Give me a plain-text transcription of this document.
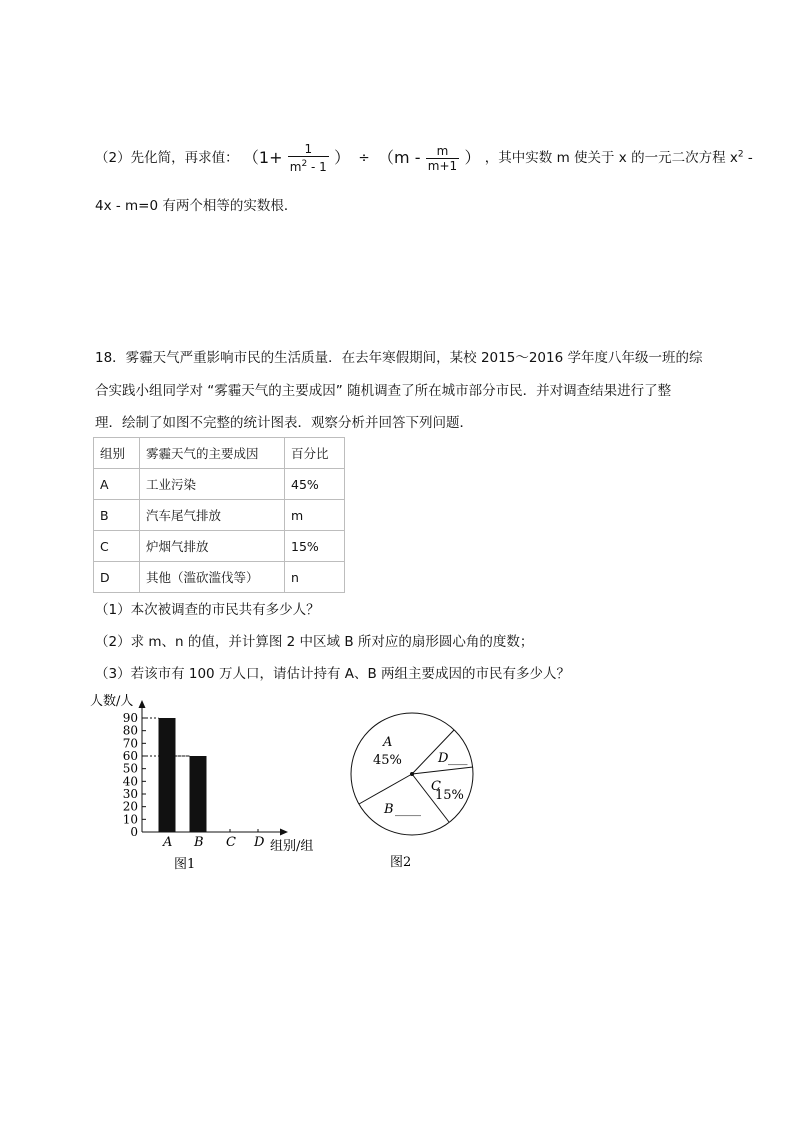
（2）先化简，再求值： （$1+ \frac{1}{m^2 - 1}$ ） ÷ （$m - \frac{m}{m+1}$ ） ，其中实数 m 使关于 x 的一元二次方程 $x^2$ -
4x - m=0 有两个相等的实数根．
18．雾霾天气严重影响市民的生活质量．在去年寒假期间，某校 2015～2016 学年度八年级一班的综
合实践小组同学对 “雾霾天气的主要成因” 随机调查了所在城市部分市民．并对调查结果进行了整
理．绘制了如图不完整的统计图表．观察分析并回答下列问题．
组别	雾霾天气的主要成因	百分比
A	工业污染	45%
B	汽车尾气排放	m
C	炉烟气排放	15%
D	其他（滥砍滥伐等）	n
（1）本次被调查的市民共有多少人？
（2）求 m、n 的值，并计算图 2 中区域 B 所对应的扇形圆心角的度数；
（3）若该市有 100 万人口，请估计持有 A、B 两组主要成因的市民有多少人？
人数/人
0
10
20
30
40
50
60
70
80
90
A B C D 组别/组
图1
A
45%	D ___
C
15%
B ____
图2
